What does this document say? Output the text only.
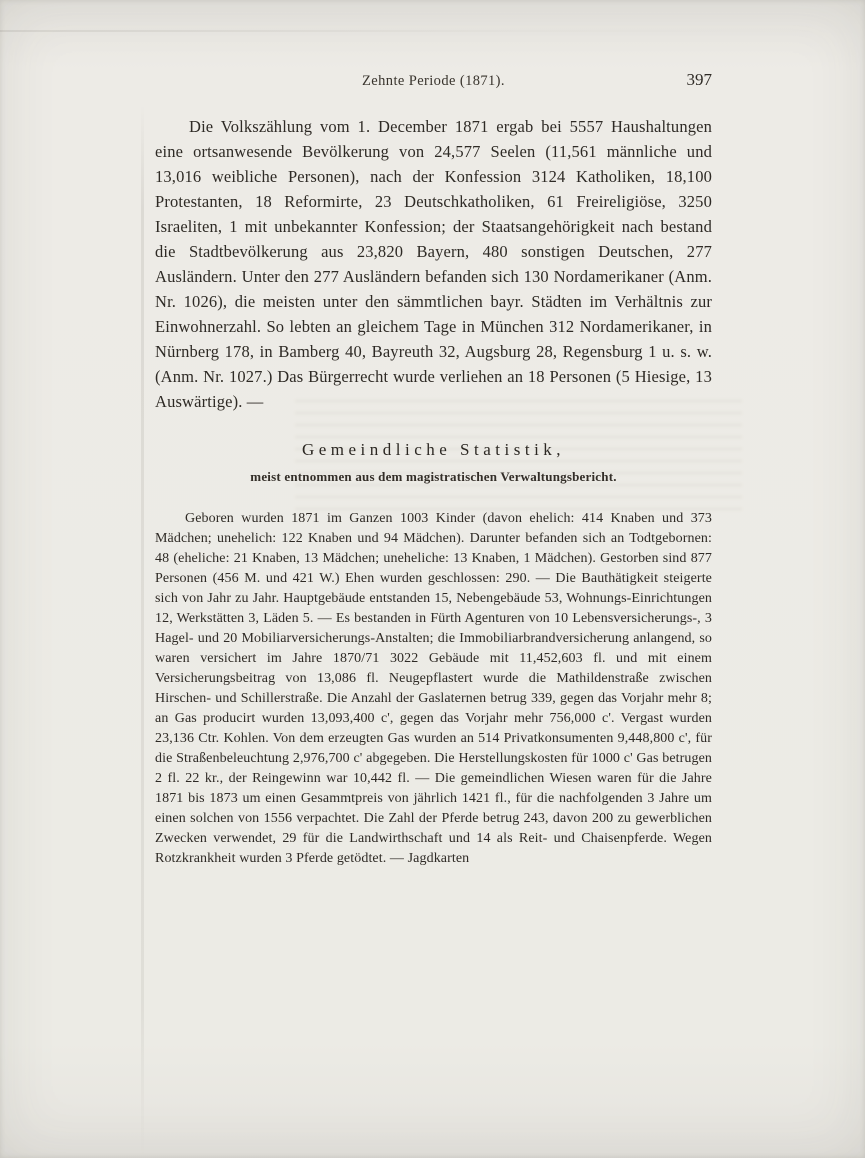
Zehnte Periode (1871).	397

Die Volkszählung vom 1. December 1871 ergab bei 5557 Haushaltungen eine ortsanwesende Bevölkerung von 24,577 Seelen (11,561 männliche und 13,016 weibliche Personen), nach der Konfession 3124 Katholiken, 18,100 Protestanten, 18 Reformirte, 23 Deutschkatholiken, 61 Freireligiöse, 3250 Israeliten, 1 mit unbekannter Konfession; der Staatsangehörigkeit nach bestand die Stadtbevölkerung aus 23,820 Bayern, 480 sonstigen Deutschen, 277 Ausländern. Unter den 277 Ausländern befanden sich 130 Nordamerikaner (Anm. Nr. 1026), die meisten unter den sämmtlichen bayr. Städten im Verhältnis zur Einwohnerzahl. So lebten an gleichem Tage in München 312 Nordamerikaner, in Nürnberg 178, in Bamberg 40, Bayreuth 32, Augsburg 28, Regensburg 1 u. s. w. (Anm. Nr. 1027.) Das Bürgerrecht wurde verliehen an 18 Personen (5 Hiesige, 13 Auswärtige). —

Gemeindliche Statistik,
meist entnommen aus dem magistratischen Verwaltungsbericht.

Geboren wurden 1871 im Ganzen 1003 Kinder (davon ehelich: 414 Knaben und 373 Mädchen; unehelich: 122 Knaben und 94 Mädchen). Darunter befanden sich an Todtgebornen: 48 (eheliche: 21 Knaben, 13 Mädchen; uneheliche: 13 Knaben, 1 Mädchen). Gestorben sind 877 Personen (456 M. und 421 W.) Ehen wurden geschlossen: 290. — Die Bauthätigkeit steigerte sich von Jahr zu Jahr. Hauptgebäude entstanden 15, Nebengebäude 53, Wohnungs-Einrichtungen 12, Werkstätten 3, Läden 5. — Es bestanden in Fürth Agenturen von 10 Lebensversicherungs-, 3 Hagel- und 20 Mobiliarversicherungs-Anstalten; die Immobiliarbrandversicherung anlangend, so waren versichert im Jahre 1870/71 3022 Gebäude mit 11,452,603 fl. und mit einem Versicherungsbeitrag von 13,086 fl. Neugepflastert wurde die Mathildenstraße zwischen Hirschen- und Schillerstraße. Die Anzahl der Gaslaternen betrug 339, gegen das Vorjahr mehr 8; an Gas producirt wurden 13,093,400 c', gegen das Vorjahr mehr 756,000 c'. Vergast wurden 23,136 Ctr. Kohlen. Von dem erzeugten Gas wurden an 514 Privatkonsumenten 9,448,800 c', für die Straßenbeleuchtung 2,976,700 c' abgegeben. Die Herstellungskosten für 1000 c' Gas betrugen 2 fl. 22 kr., der Reingewinn war 10,442 fl. — Die gemeindlichen Wiesen waren für die Jahre 1871 bis 1873 um einen Gesammtpreis von jährlich 1421 fl., für die nachfolgenden 3 Jahre um einen solchen von 1556 verpachtet. Die Zahl der Pferde betrug 243, davon 200 zu gewerblichen Zwecken verwendet, 29 für die Landwirthschaft und 14 als Reit- und Chaisenpferde. Wegen Rotzkrankheit wurden 3 Pferde getödtet. — Jagdkarten
